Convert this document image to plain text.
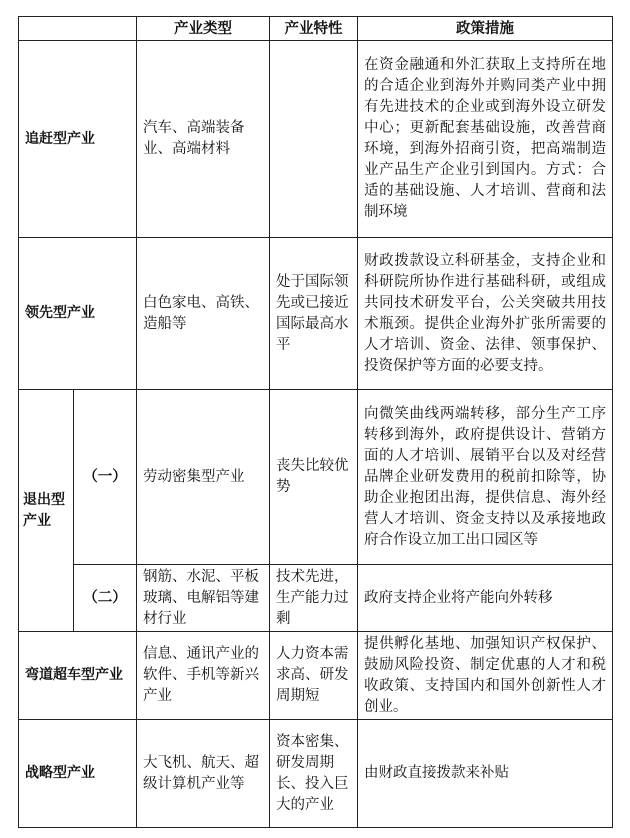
		产业类型	产业特性	政策措施
追赶型产业		汽车、高端装备业、高端材料		在资金融通和外汇获取上支持所在地的合适企业到海外并购同类产业中拥有先进技术的企业或到海外设立研发中心；更新配套基础设施，改善营商环境，到海外招商引资，把高端制造业产品生产企业引到国内。方式：合适的基础设施、人才培训、营商和法制环境
领先型产业		白色家电、高铁、造船等	处于国际领先或已接近国际最高水平	财政拨款设立科研基金，支持企业和科研院所协作进行基础科研，或组成共同技术研发平台，公关突破共用技术瓶颈。提供企业海外扩张所需要的人才培训、资金、法律、领事保护、投资保护等方面的必要支持。
退出型产业	（一）	劳动密集型产业	丧失比较优势	向微笑曲线两端转移，部分生产工序转移到海外，政府提供设计、营销方面的人才培训、展销平台以及对经营品牌企业研发费用的税前扣除等，协助企业抱团出海，提供信息、海外经营人才培训、资金支持以及承接地政府合作设立加工出口园区等
	（二）	钢筋、水泥、平板玻璃、电解铝等建材行业	技术先进，生产能力过剩	政府支持企业将产能向外转移
弯道超车型产业		信息、通讯产业的软件、手机等新兴产业	人力资本需求高、研发周期短	提供孵化基地、加强知识产权保护、鼓励风险投资、制定优惠的人才和税收政策、支持国内和国外创新性人才创业。
战略型产业		大飞机、航天、超级计算机产业等	资本密集、研发周期长、投入巨大的产业	由财政直接拨款来补贴
